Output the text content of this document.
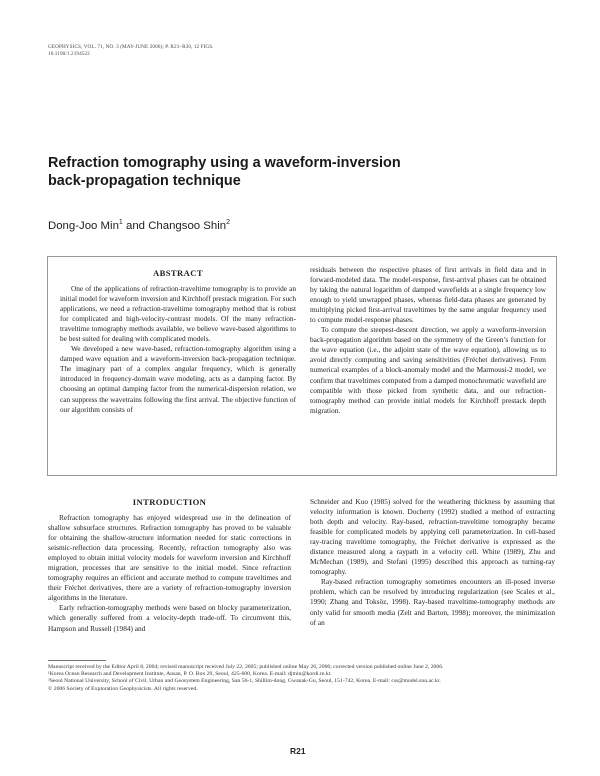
GEOPHYSICS, VOL. 71, NO. 3 (MAY-JUNE 2006); P. R21–R30, 12 FIGS.
10.1190/1.2194522
Refraction tomography using a waveform-inversion
back-propagation technique
Dong-Joo Min$^1$ and Changsoo Shin$^2$
ABSTRACT

One of the applications of refraction-traveltime tomography is to provide an initial model for waveform inversion and Kirchhoff prestack migration. For such applications, we need a refraction-traveltime tomography method that is robust for complicated and high-velocity-contrast models. Of the many refraction-traveltime tomography methods available, we believe wave-based algorithms to be best suited for dealing with complicated models.

We developed a new wave-based, refraction-tomography algorithm using a damped wave equation and a waveform-inversion back-propagation technique. The imaginary part of a complex angular frequency, which is generally introduced in frequency-domain wave modeling, acts as a damping factor. By choosing an optimal damping factor from the numerical-dispersion relation, we can suppress the wavetrains following the first arrival. The objective function of our algorithm consists of

residuals between the respective phases of first arrivals in field data and in forward-modeled data. The model-response, first-arrival phases can be obtained by taking the natural logarithm of damped wavefields at a single frequency low enough to yield unwrapped phases, whereas field-data phases are generated by multiplying picked first-arrival traveltimes by the same angular frequency used to compute model-response phases.

To compute the steepest-descent direction, we apply a waveform-inversion back-propagation algorithm based on the symmetry of the Green’s function for the wave equation (i.e., the adjoint state of the wave equation), allowing us to avoid directly computing and saving sensitivities (Fréchet derivatives). From numerical examples of a block-anomaly model and the Marmousi-2 model, we confirm that traveltimes computed from a damped monochromatic wavefield are compatible with those picked from synthetic data, and our refraction-tomography method can provide initial models for Kirchhoff prestack depth migration.

INTRODUCTION

Refraction tomography has enjoyed widespread use in the delineation of shallow subsurface structures. Refraction tomography has proved to be valuable for obtaining the shallow-structure information needed for static corrections in seismic-reflection data processing. Recently, refraction tomography also was employed to obtain initial velocity models for waveform inversion and Kirchhoff migration, processes that are sensitive to the initial model. Since refraction tomography requires an efficient and accurate method to compute traveltimes and their Fréchet derivatives, there are a variety of refraction-tomography inversion algorithms in the literature.

Early refraction-tomography methods were based on blocky parameterization, which generally suffered from a velocity-depth trade-off. To circumvent this, Hampson and Russell (1984) and

Schneider and Kuo (1985) solved for the weathering thickness by assuming that velocity information is known. Docherty (1992) studied a method of extracting both depth and velocity. Ray-based, refraction-traveltime tomography became feasible for complicated models by applying cell parameterization. In cell-based ray-tracing traveltime tomography, the Fréchet derivative is expressed as the distance measured along a raypath in a velocity cell. White (1989), Zhu and McMechan (1989), and Stefani (1995) described this approach as turning-ray tomography.

Ray-based refraction tomography sometimes encounters an ill-posed inverse problem, which can be resolved by introducing regularization (see Scales et al., 1990; Zhang and Toksöz, 1998). Ray-based traveltime-tomography methods are only valid for smooth media (Zelt and Barton, 1998); moreover, the minimization of an

Manuscript received by the Editor April 8, 2004; revised manuscript received July 22, 2005; published online May 26, 2006; corrected version published online June 2, 2006.
¹Korea Ocean Research and Development Institute, Ansan, P. O. Box 29, Seoul, 425-600, Korea. E-mail: djmin@kordi.re.kr.
²Seoul National University, School of Civil, Urban and Geosystem Engineering, San 56-1, Shillim-dong, Gwanak-Gu, Seoul, 151-742, Korea. E-mail: css@model.snu.ac.kr.
© 2006 Society of Exploration Geophysicists. All rights reserved.
R21
